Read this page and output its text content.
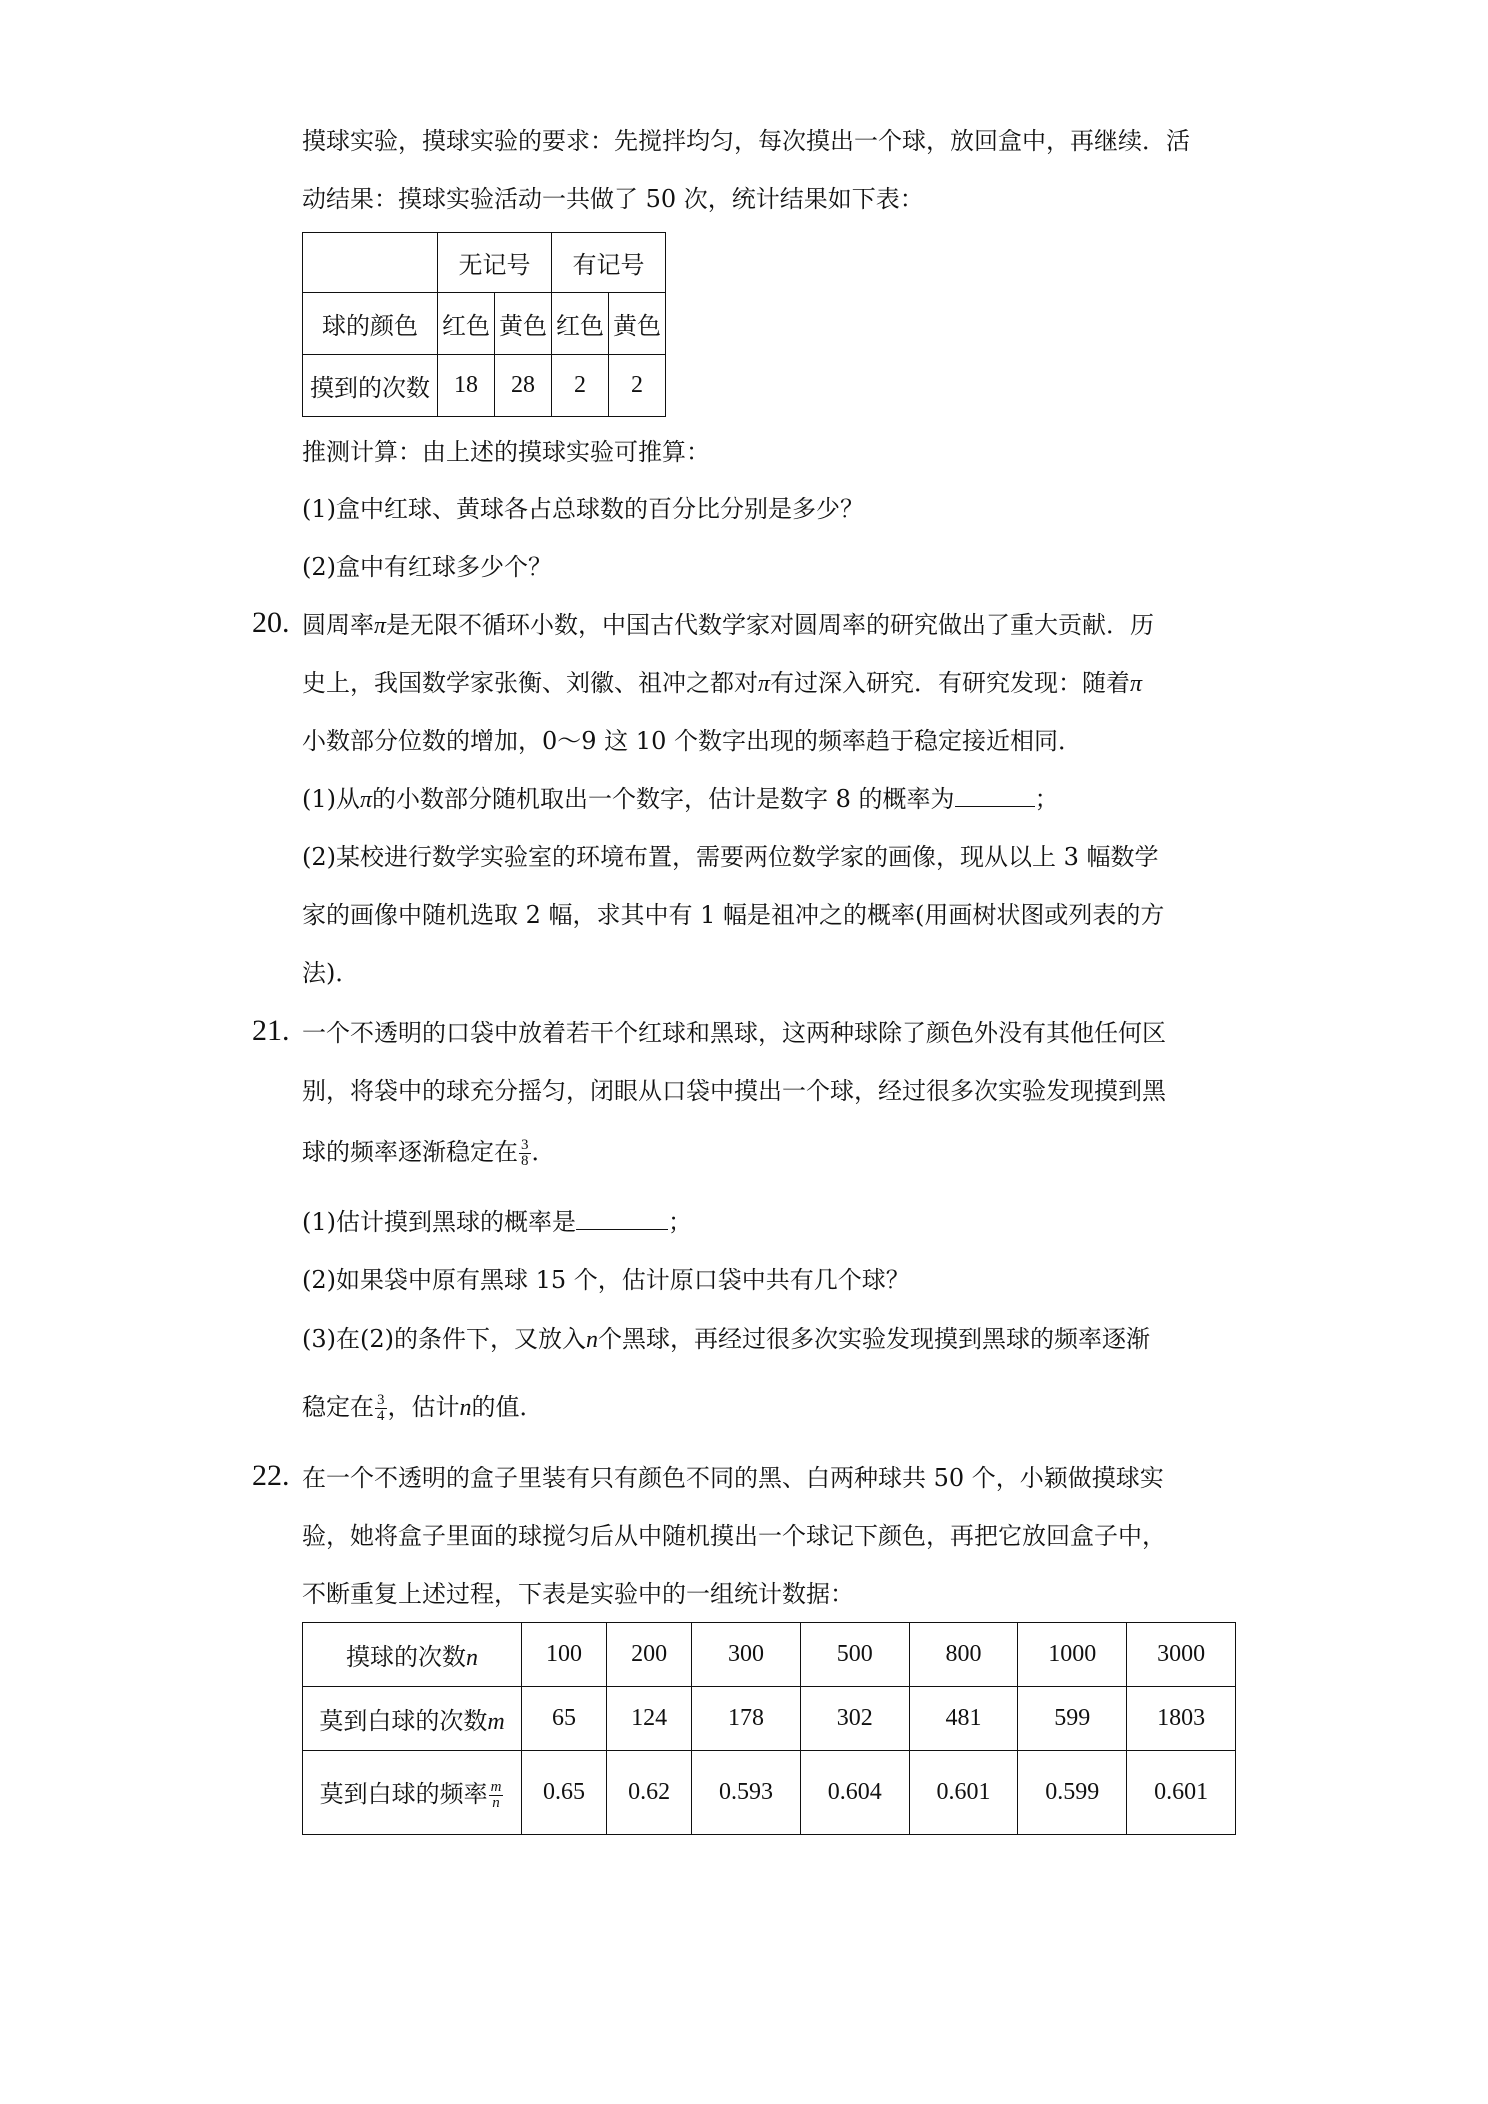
摸球实验，摸球实验的要求：先搅拌均匀，每次摸出一个球，放回盒中，再继续．活
动结果：摸球实验活动一共做了 50 次，统计结果如下表：
	无记号		有记号	
球的颜色	红色	黄色	红色	黄色
摸到的次数	18	28	2	2
推测计算：由上述的摸球实验可推算：
(1)盒中红球、黄球各占总球数的百分比分别是多少？
(2)盒中有红球多少个？
20. 圆周率π是无限不循环小数，中国古代数学家对圆周率的研究做出了重大贡献．历
史上，我国数学家张衡、刘徽、祖冲之都对π有过深入研究．有研究发现：随着π
小数部分位数的增加，0～9 这 10 个数字出现的频率趋于稳定接近相同．
(1)从π的小数部分随机取出一个数字，估计是数字 8 的概率为	；
(2)某校进行数学实验室的环境布置，需要两位数学家的画像，现从以上 3 幅数学
家的画像中随机选取 2 幅，求其中有 1 幅是祖冲之的概率(用画树状图或列表的方
法)．
21. 一个不透明的口袋中放着若干个红球和黑球，这两种球除了颜色外没有其他任何区
别，将袋中的球充分摇匀，闭眼从口袋中摸出一个球，经过很多次实验发现摸到黑
球的频率逐渐稳定在 $\frac{3}{8}$ ．
(1)估计摸到黑球的概率是	；
(2)如果袋中原有黑球 15 个，估计原口袋中共有几个球？
(3)在(2)的条件下，又放入n个黑球，再经过很多次实验发现摸到黑球的频率逐渐
稳定在 $\frac{3}{4}$ ，估计n的值．
22. 在一个不透明的盒子里装有只有颜色不同的黑、白两种球共 50 个，小颖做摸球实
验，她将盒子里面的球搅匀后从中随机摸出一个球记下颜色，再把它放回盒子中，
不断重复上述过程，下表是实验中的一组统计数据：
摸球的次数n	100	200	300	500	800	1000	3000
莫到白球的次数m	65	124	178	302	481	599	1803
莫到白球的频率 $\frac{m}{n}$	0.65	0.62	0.593	0.604	0.601	0.599	0.601
